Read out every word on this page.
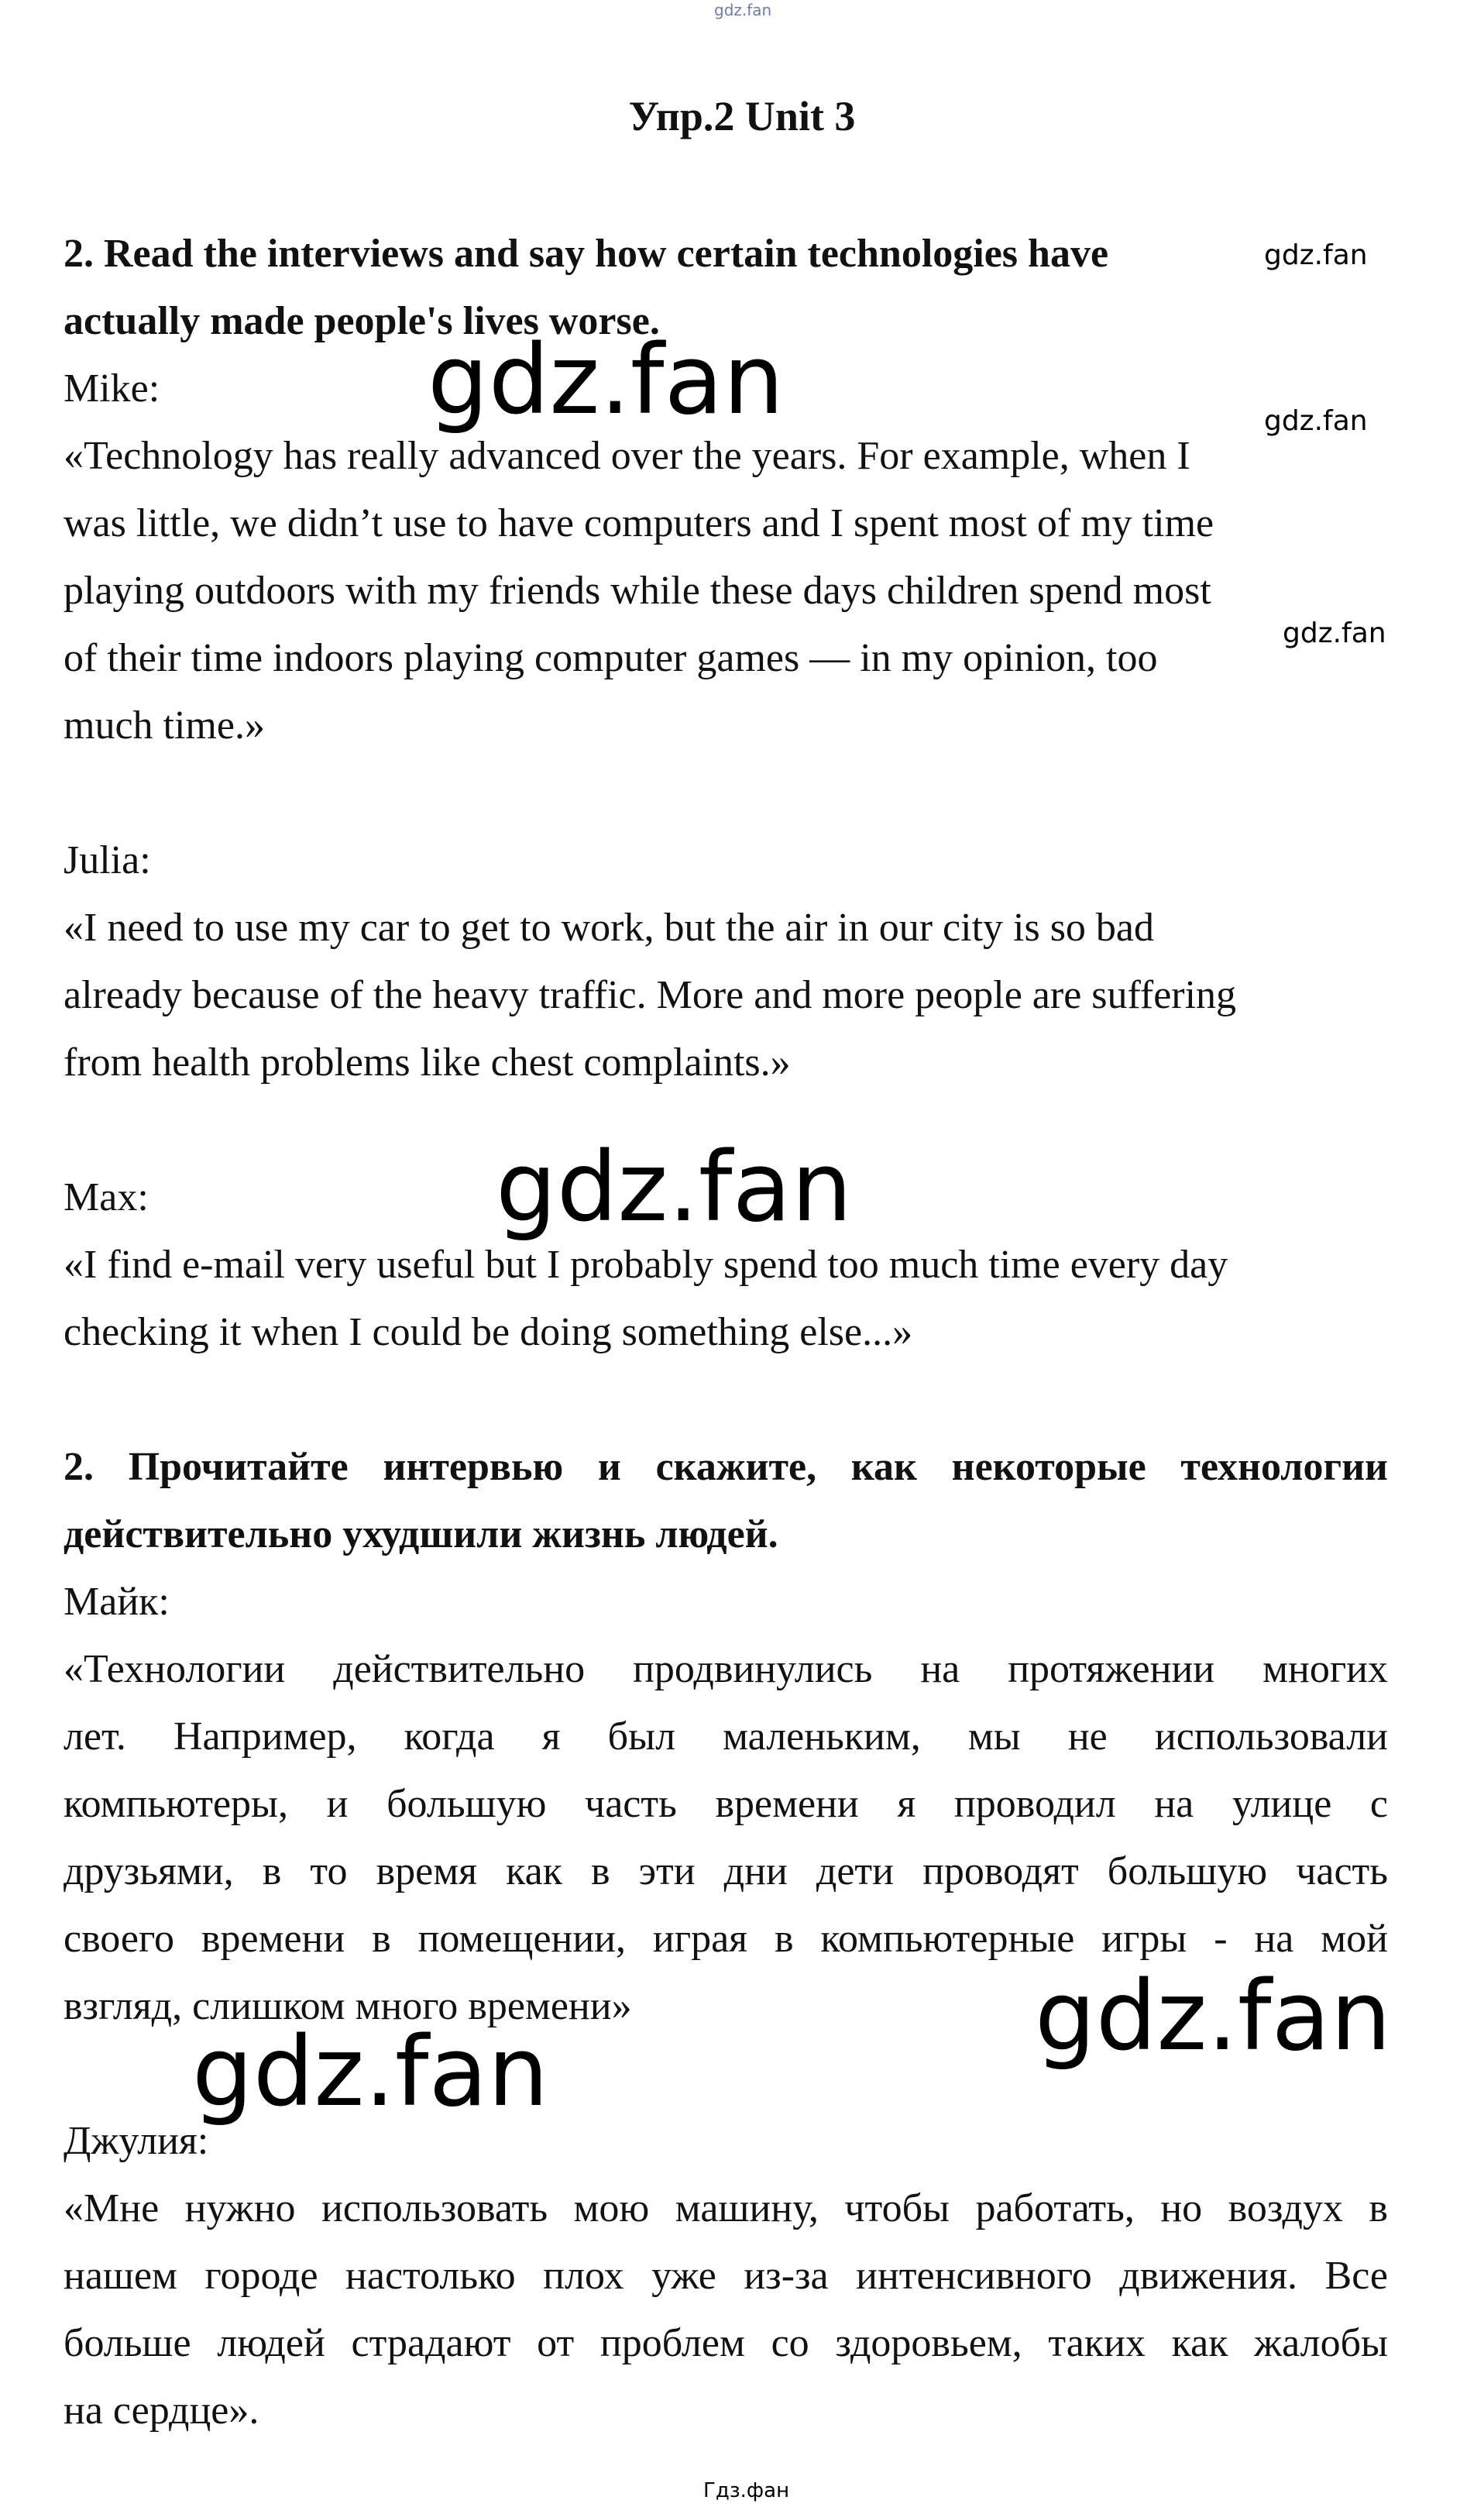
gdz.fan
Упр.2 Unit 3
2. Read the interviews and say how certain technologies have
actually made people's lives worse.
Mike:
«Technology has really advanced over the years. For example, when I
was little, we didn’t use to have computers and I spent most of my time
playing outdoors with my friends while these days children spend most
of their time indoors playing computer games — in my opinion, too
much time.»
Julia:
«I need to use my car to get to work, but the air in our city is so bad
already because of the heavy traffic. More and more people are suffering
from health problems like chest complaints.»
Max:
«I find e-mail very useful but I probably spend too much time every day
checking it when I could be doing something else...»
2. Прочитайте интервью и скажите, как некоторые технологии
действительно ухудшили жизнь людей.
Майк:
«Технологии действительно продвинулись на протяжении многих
лет. Например, когда я был маленьким, мы не использовали
компьютеры, и большую часть времени я проводил на улице с
друзьями, в то время как в эти дни дети проводят большую часть
своего времени в помещении, играя в компьютерные игры - на мой
взгляд, слишком много времени»
Джулия:
«Мне нужно использовать мою машину, чтобы работать, но воздух в
нашем городе настолько плох уже из-за интенсивного движения. Все
больше людей страдают от проблем со здоровьем, таких как жалобы
на сердце».
gdz.fan
gdz.fan	gdz.fan
gdz.fan
gdz.fan
gdz.fan
gdz.fan
Гдз.фан
